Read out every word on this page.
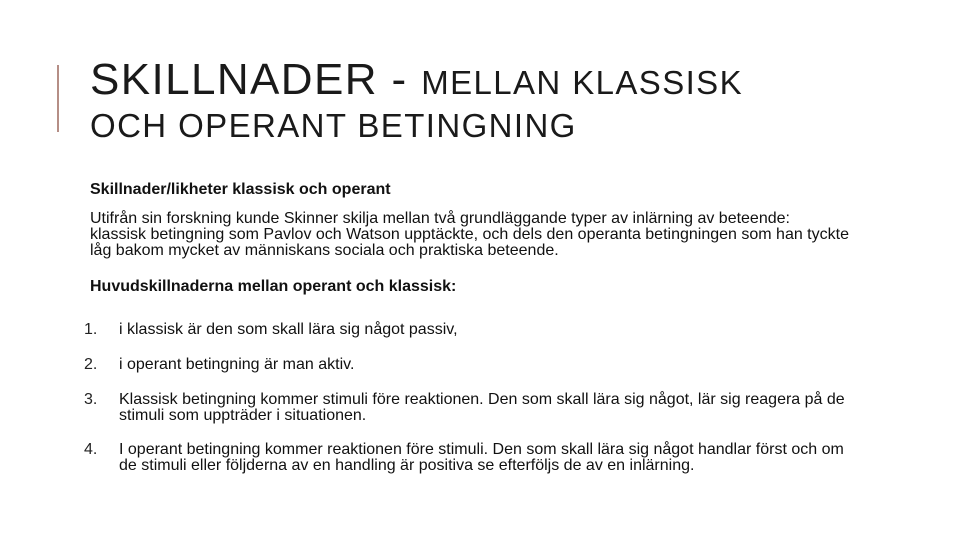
SKILLNADER - MELLAN KLASSISK
OCH OPERANT BETINGNING

Skillnader/likheter klassisk och operant

Utifrån sin forskning kunde Skinner skilja mellan två grundläggande typer av inlärning av beteende: klassisk betingning som Pavlov och Watson upptäckte, och dels den operanta betingningen som han tyckte låg bakom mycket av människans sociala och praktiska beteende.

Huvudskillnaderna mellan operant och klassisk:

1. i klassisk är den som skall lära sig något passiv,
2. i operant betingning är man aktiv.
3. Klassisk betingning kommer stimuli före reaktionen. Den som skall lära sig något, lär sig reagera på de stimuli som uppträder i situationen.
4. I operant betingning kommer reaktionen före stimuli. Den som skall lära sig något handlar först och om de stimuli eller följderna av en handling är positiva se efterföljs de av en inlärning.
